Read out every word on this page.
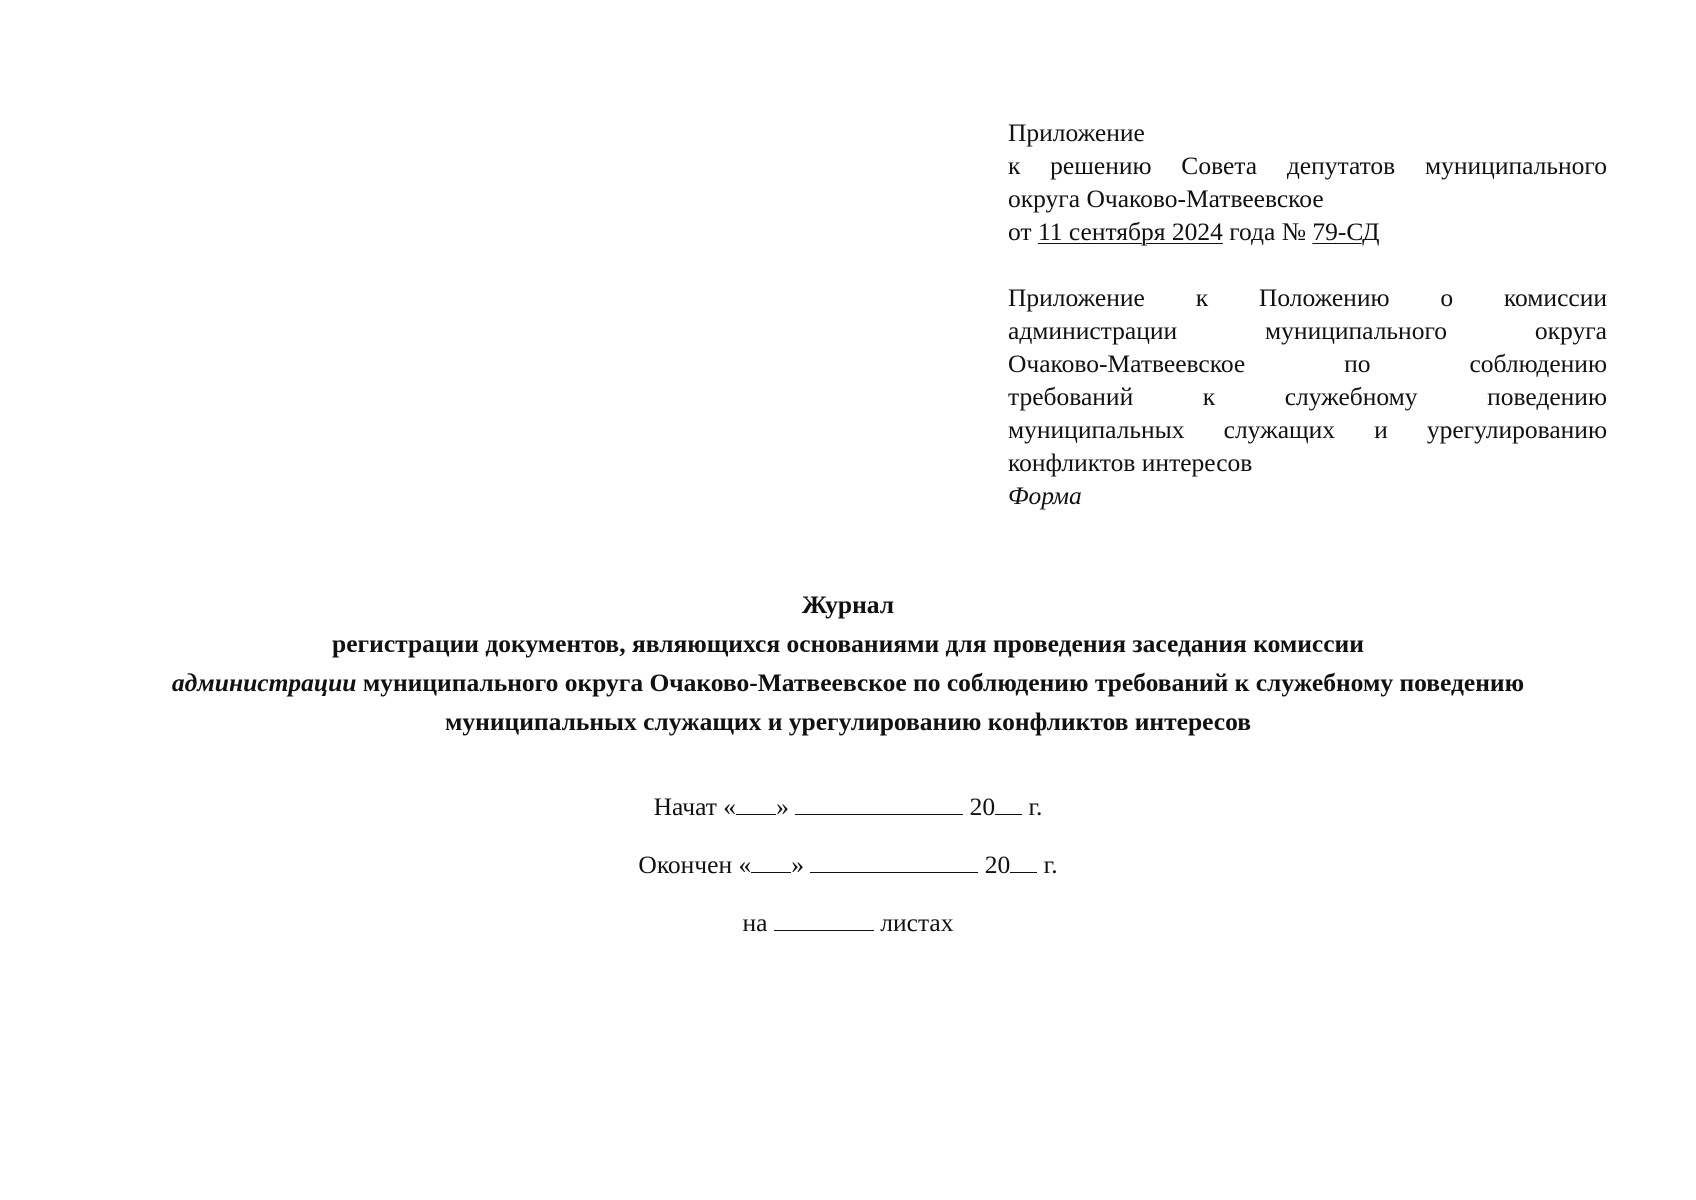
Приложение
к решению Совета депутатов муниципального
округа Очаково-Матвеевское
от 11 сентября 2024 года № 79-СД
Приложение к Положению о комиссии
администрации муниципального округа
Очаково-Матвеевское по соблюдению
требований к служебному поведению
муниципальных служащих и урегулированию
конфликтов интересов
Форма
Журнал
регистрации документов, являющихся основаниями для проведения заседания комиссии
администрации муниципального округа Очаково-Матвеевское по соблюдению требований к служебному поведению
муниципальных служащих и урегулированию конфликтов интересов
Начат « »	20 г.
Окончен « »	20 г.
на	листах
